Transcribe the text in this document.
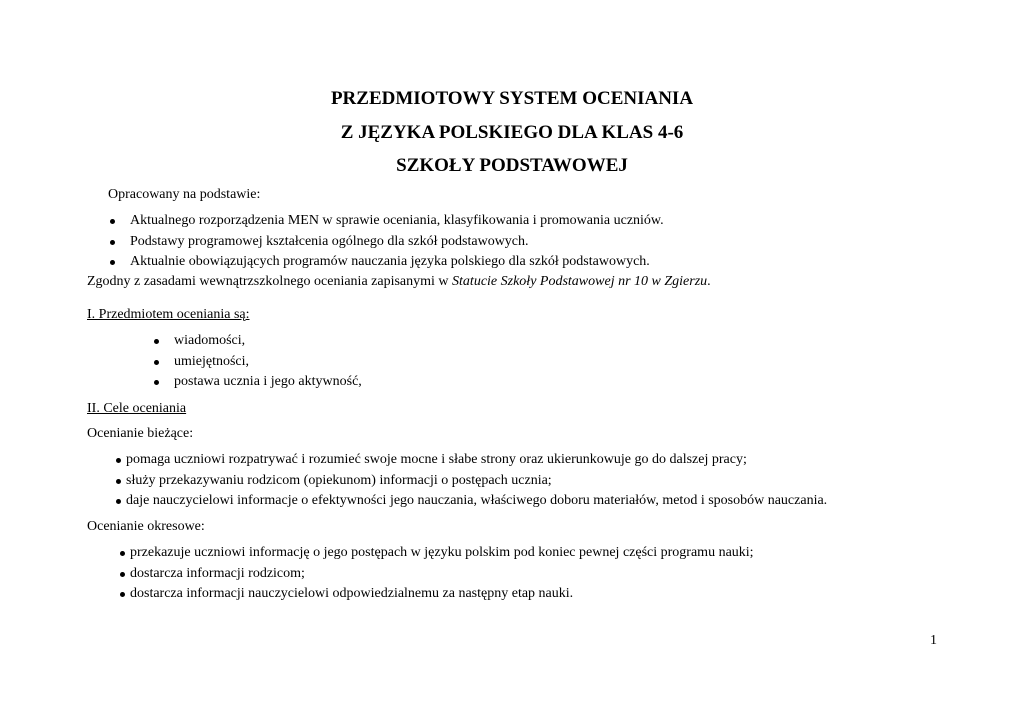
PRZEDMIOTOWY SYSTEM OCENIANIA
Z JĘZYKA POLSKIEGO DLA KLAS 4-6
SZKOŁY PODSTAWOWEJ
Opracowany na podstawie:
Aktualnego rozporządzenia MEN w sprawie oceniania, klasyfikowania i promowania uczniów.
Podstawy programowej kształcenia ogólnego dla szkół podstawowych.
Aktualnie obowiązujących programów nauczania języka polskiego dla szkół podstawowych.
Zgodny z zasadami wewnątrzszkolnego oceniania zapisanymi w Statucie Szkoły Podstawowej nr 10 w Zgierzu.
I. Przedmiotem oceniania są:
wiadomości,
umiejętności,
postawa ucznia i jego aktywność,
II. Cele oceniania
Ocenianie bieżące:
pomaga uczniowi rozpatrywać i rozumieć swoje mocne i słabe strony oraz ukierunkowuje go do dalszej pracy;
służy przekazywaniu rodzicom (opiekunom) informacji o postępach ucznia;
daje nauczycielowi informacje o efektywności jego nauczania, właściwego doboru materiałów, metod i sposobów nauczania.
Ocenianie okresowe:
przekazuje uczniowi informację o jego postępach w języku polskim pod koniec pewnej części programu nauki;
dostarcza informacji rodzicom;
dostarcza informacji nauczycielowi odpowiedzialnemu za następny etap nauki.
1
